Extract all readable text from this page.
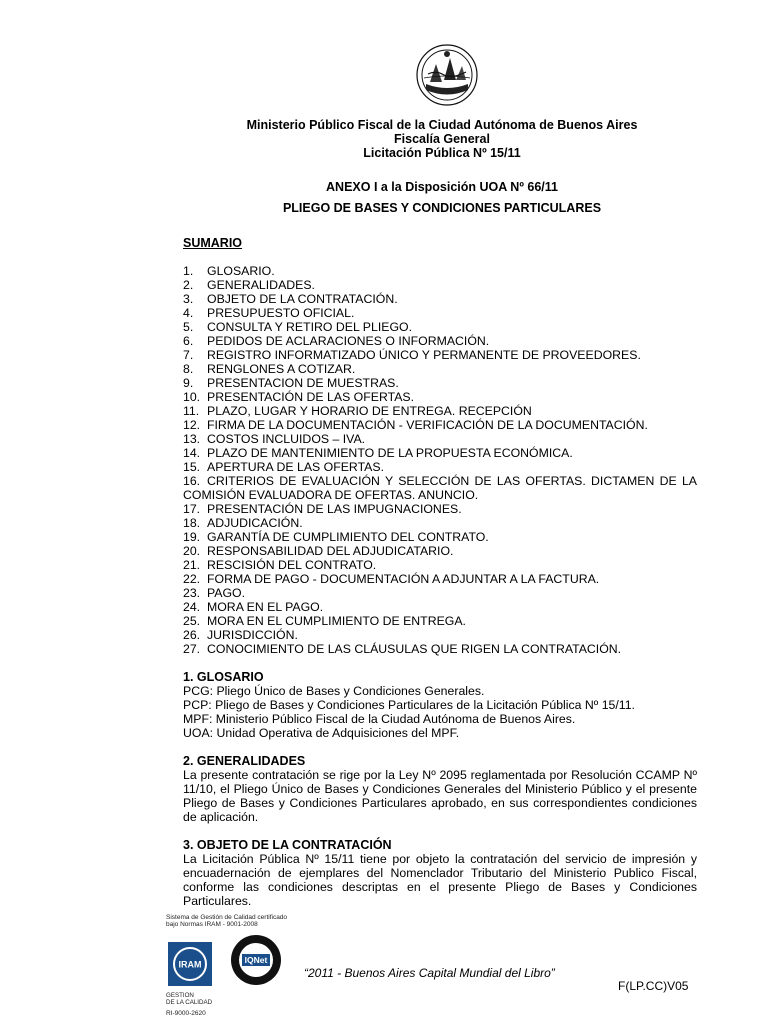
Ministerio Público Fiscal de la Ciudad Autónoma de Buenos Aires
Fiscalía General
Licitación Pública Nº 15/11
ANEXO I a la Disposición UOA Nº 66/11
PLIEGO DE BASES Y CONDICIONES PARTICULARES
SUMARIO
1. GLOSARIO.
2. GENERALIDADES.
3. OBJETO DE LA CONTRATACIÓN.
4. PRESUPUESTO OFICIAL.
5. CONSULTA Y RETIRO DEL PLIEGO.
6. PEDIDOS DE ACLARACIONES O INFORMACIÓN.
7. REGISTRO INFORMATIZADO ÚNICO Y PERMANENTE DE PROVEEDORES.
8. RENGLONES A COTIZAR.
9. PRESENTACION DE MUESTRAS.
10. PRESENTACIÓN DE LAS OFERTAS.
11. PLAZO, LUGAR Y HORARIO DE ENTREGA. RECEPCIÓN
12. FIRMA DE LA DOCUMENTACIÓN - VERIFICACIÓN DE LA DOCUMENTACIÓN.
13. COSTOS INCLUIDOS – IVA.
14. PLAZO DE MANTENIMIENTO DE LA PROPUESTA ECONÓMICA.
15. APERTURA DE LAS OFERTAS.
16. CRITERIOS DE EVALUACIÓN Y SELECCIÓN DE LAS OFERTAS. DICTAMEN DE LA COMISIÓN EVALUADORA DE OFERTAS. ANUNCIO.
17. PRESENTACIÓN DE LAS IMPUGNACIONES.
18. ADJUDICACIÓN.
19. GARANTÍA DE CUMPLIMIENTO DEL CONTRATO.
20. RESPONSABILIDAD DEL ADJUDICATARIO.
21. RESCISIÓN DEL CONTRATO.
22. FORMA DE PAGO - DOCUMENTACIÓN A ADJUNTAR A LA FACTURA.
23. PAGO.
24. MORA EN EL PAGO.
25. MORA EN EL CUMPLIMIENTO DE ENTREGA.
26. JURISDICCIÓN.
27. CONOCIMIENTO DE LAS CLÁUSULAS QUE RIGEN LA CONTRATACIÓN.
1. GLOSARIO
PCG: Pliego Único de Bases y Condiciones Generales.
PCP: Pliego de Bases y Condiciones Particulares de la Licitación Pública Nº 15/11.
MPF: Ministerio Público Fiscal de la Ciudad Autónoma de Buenos Aires.
UOA: Unidad Operativa de Adquisiciones del MPF.
2. GENERALIDADES
La presente contratación se rige por la Ley Nº 2095 reglamentada por Resolución CCAMP Nº 11/10, el Pliego Único de Bases y Condiciones Generales del Ministerio Público y el presente Pliego de Bases y Condiciones Particulares aprobado, en sus correspondientes condiciones de aplicación.
3. OBJETO DE LA CONTRATACIÓN
La Licitación Pública Nº 15/11 tiene por objeto la contratación del servicio de impresión y encuadernación de ejemplares del Nomenclador Tributario del Ministerio Publico Fiscal, conforme las condiciones descriptas en el presente Pliego de Bases y Condiciones Particulares.
Sistema de Gestión de Calidad certificado
bajo Normas IRAM - 9001-2008
IRAM	IQNet
GESTION
DE LA CALIDAD
RI-9000-2620
“2011 - Buenos Aires Capital Mundial del Libro”
F(LP.CC)V05
